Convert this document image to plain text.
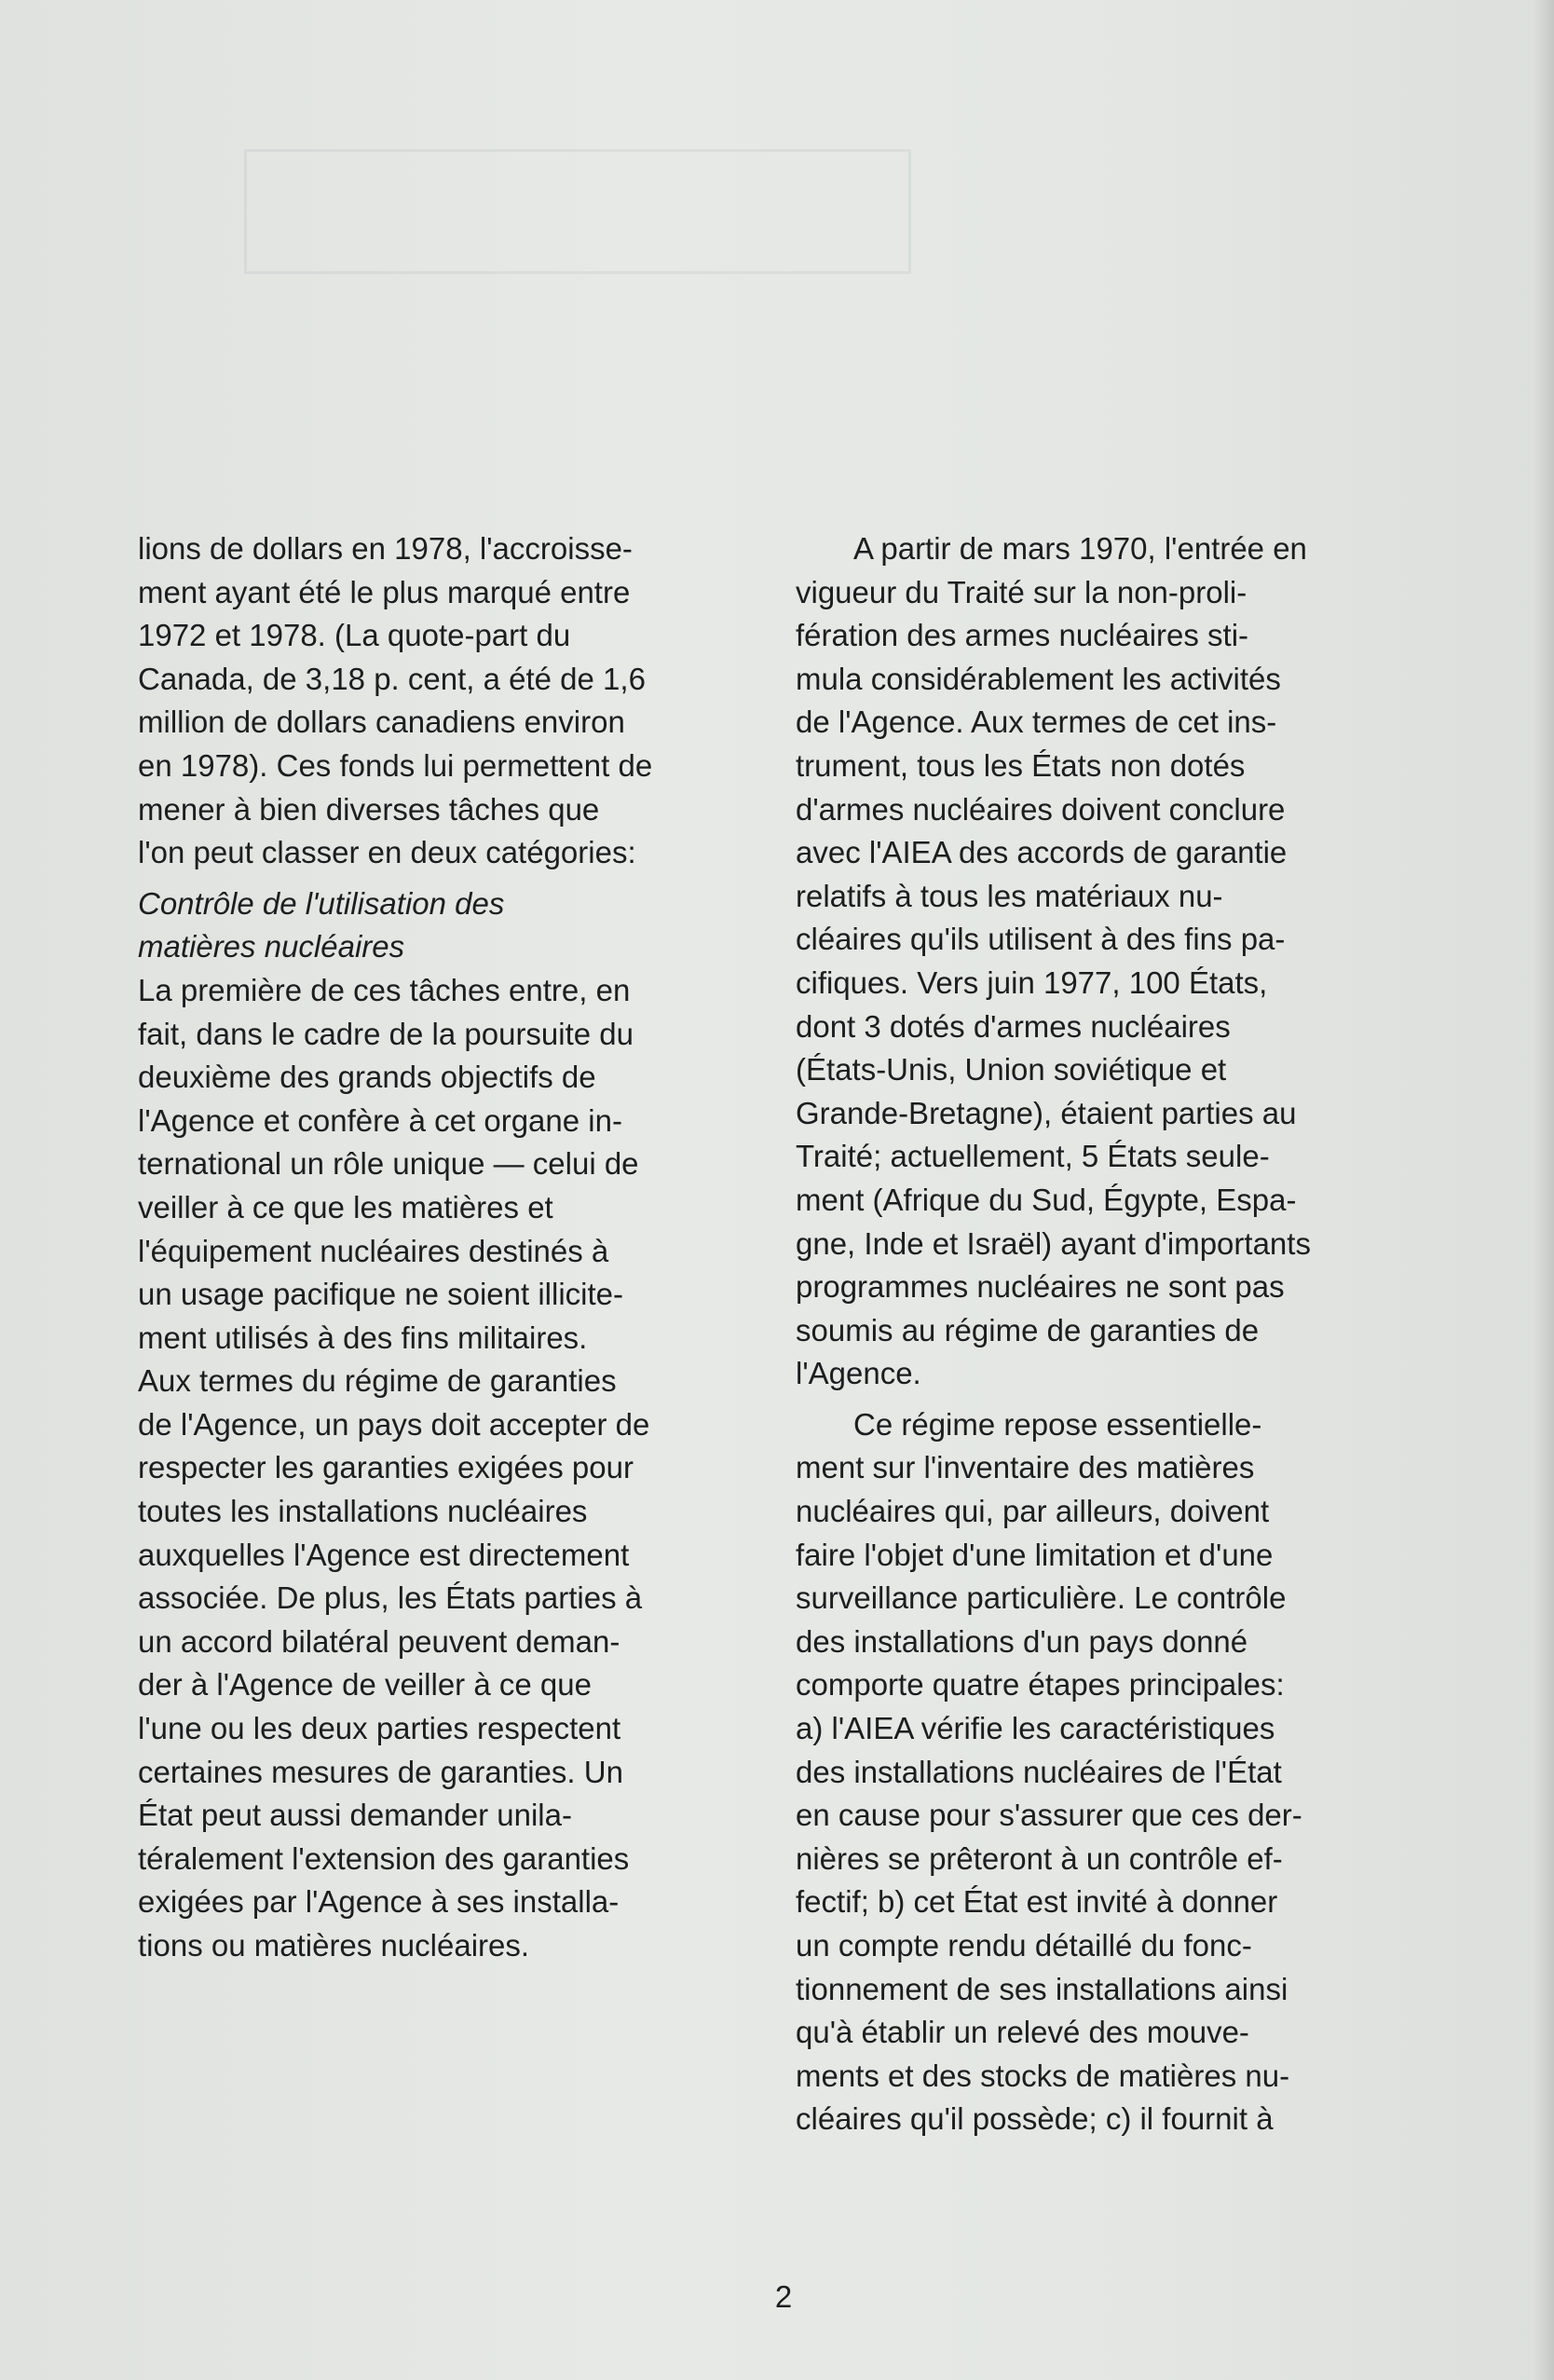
lions de dollars en 1978, l'accroisse-
ment ayant été le plus marqué entre
1972 et 1978. (La quote-part du
Canada, de 3,18 p. cent, a été de 1,6
million de dollars canadiens environ
en 1978). Ces fonds lui permettent de
mener à bien diverses tâches que
l'on peut classer en deux catégories:
Contrôle de l'utilisation des
matières nucléaires
La première de ces tâches entre, en
fait, dans le cadre de la poursuite du
deuxième des grands objectifs de
l'Agence et confère à cet organe in-
ternational un rôle unique — celui de
veiller à ce que les matières et
l'équipement nucléaires destinés à
un usage pacifique ne soient illicite-
ment utilisés à des fins militaires.
Aux termes du régime de garanties
de l'Agence, un pays doit accepter de
respecter les garanties exigées pour
toutes les installations nucléaires
auxquelles l'Agence est directement
associée. De plus, les États parties à
un accord bilatéral peuvent deman-
der à l'Agence de veiller à ce que
l'une ou les deux parties respectent
certaines mesures de garanties. Un
État peut aussi demander unila-
téralement l'extension des garanties
exigées par l'Agence à ses installa-
tions ou matières nucléaires.
A partir de mars 1970, l'entrée en
vigueur du Traité sur la non-proli-
fération des armes nucléaires sti-
mula considérablement les activités
de l'Agence. Aux termes de cet ins-
trument, tous les États non dotés
d'armes nucléaires doivent conclure
avec l'AIEA des accords de garantie
relatifs à tous les matériaux nu-
cléaires qu'ils utilisent à des fins pa-
cifiques. Vers juin 1977, 100 États,
dont 3 dotés d'armes nucléaires
(États-Unis, Union soviétique et
Grande-Bretagne), étaient parties au
Traité; actuellement, 5 États seule-
ment (Afrique du Sud, Égypte, Espa-
gne, Inde et Israël) ayant d'importants
programmes nucléaires ne sont pas
soumis au régime de garanties de
l'Agence.
Ce régime repose essentielle-
ment sur l'inventaire des matières
nucléaires qui, par ailleurs, doivent
faire l'objet d'une limitation et d'une
surveillance particulière. Le contrôle
des installations d'un pays donné
comporte quatre étapes principales:
a) l'AIEA vérifie les caractéristiques
des installations nucléaires de l'État
en cause pour s'assurer que ces der-
nières se prêteront à un contrôle ef-
fectif; b) cet État est invité à donner
un compte rendu détaillé du fonc-
tionnement de ses installations ainsi
qu'à établir un relevé des mouve-
ments et des stocks de matières nu-
cléaires qu'il possède; c) il fournit à
2
